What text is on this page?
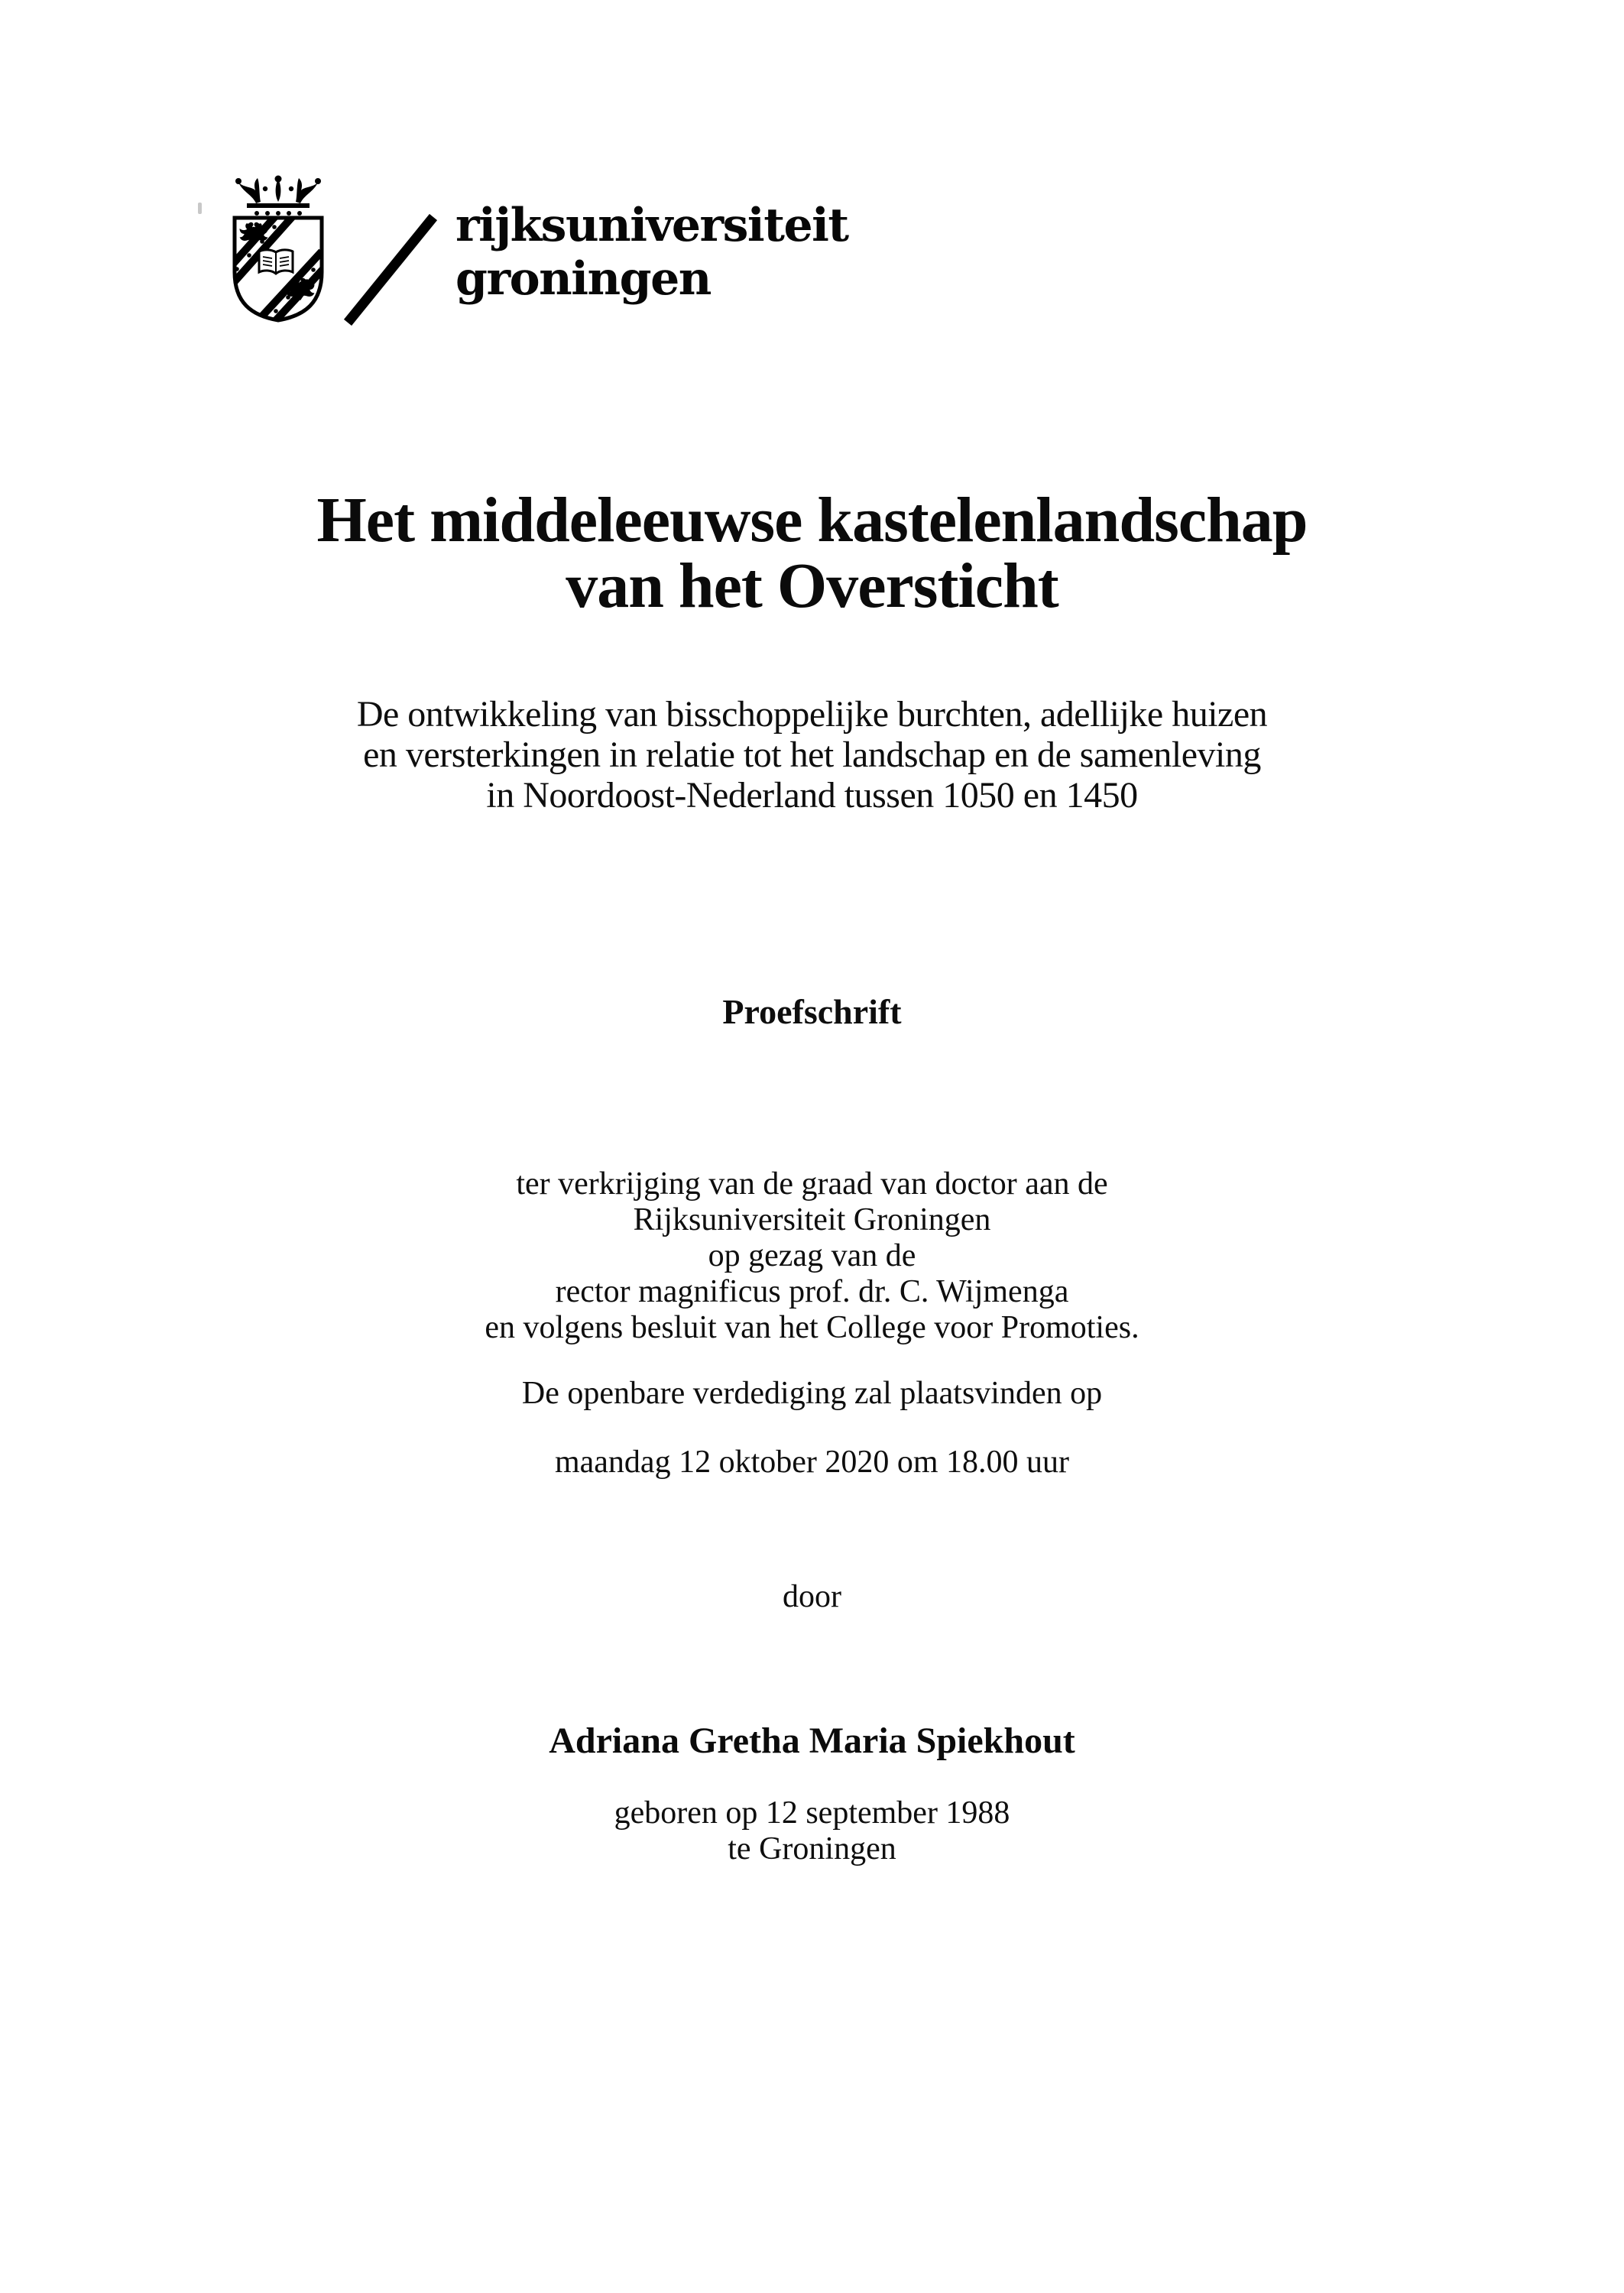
rijksuniversiteit
groningen
Het middeleeuwse kastelenlandschap
van het Oversticht
De ontwikkeling van bisschoppelijke burchten, adellijke huizen
en versterkingen in relatie tot het landschap en de samenleving
in Noordoost-Nederland tussen 1050 en 1450
Proefschrift
ter verkrijging van de graad van doctor aan de
Rijksuniversiteit Groningen
op gezag van de
rector magnificus prof. dr. C. Wijmenga
en volgens besluit van het College voor Promoties.
De openbare verdediging zal plaatsvinden op
maandag 12 oktober 2020 om 18.00 uur
door
Adriana Gretha Maria Spiekhout
geboren op 12 september 1988
te Groningen
